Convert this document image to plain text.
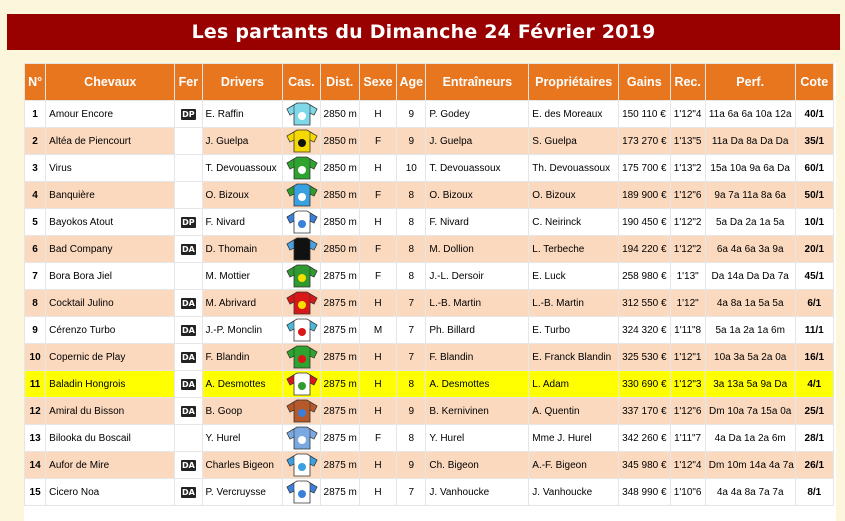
Les partants du Dimanche 24 Février 2019
N°	Chevaux	Fer	Drivers	Cas.	Dist.	Sexe	Age	Entraîneurs	Propriétaires	Gains	Rec.	Perf.	Cote
1	Amour Encore	DP	E. Raffin		2850 m	H	9	P. Godey	E. des Moreaux	150 110 €	1'12"4	11a 6a 6a 10a 12a	40/1
2	Altéa de Piencourt		J. Guelpa		2850 m	F	9	J. Guelpa	S. Guelpa	173 270 €	1'13"5	11a Da 8a Da Da	35/1
3	Virus		T. Devouassoux		2850 m	H	10	T. Devouassoux	Th. Devouassoux	175 700 €	1'13"2	15a 10a 9a 6a Da	60/1
4	Banquière		O. Bizoux		2850 m	F	8	O. Bizoux	O. Bizoux	189 900 €	1'12"6	9a 7a 11a 8a 6a	50/1
5	Bayokos Atout	DP	F. Nivard		2850 m	H	8	F. Nivard	C. Neirinck	190 450 €	1'12"2	5a Da 2a 1a 5a	10/1
6	Bad Company	DA	D. Thomain		2850 m	F	8	M. Dollion	L. Terbeche	194 220 €	1'12"2	6a 4a 6a 3a 9a	20/1
7	Bora Bora Jiel		M. Mottier		2875 m	F	8	J.-L. Dersoir	E. Luck	258 980 €	1'13"	Da 14a Da Da 7a	45/1
8	Cocktail Julino	DA	M. Abrivard		2875 m	H	7	L.-B. Martin	L.-B. Martin	312 550 €	1'12"	4a 8a 1a 5a 5a	6/1
9	Cérenzo Turbo	DA	J.-P. Monclin		2875 m	M	7	Ph. Billard	E. Turbo	324 320 €	1'11"8	5a 1a 2a 1a 6m	11/1
10	Copernic de Play	DA	F. Blandin		2875 m	H	7	F. Blandin	E. Franck Blandin	325 530 €	1'12"1	10a 3a 5a 2a 0a	16/1
11	Baladin Hongrois	DA	A. Desmottes		2875 m	H	8	A. Desmottes	L. Adam	330 690 €	1'12"3	3a 13a 5a 9a Da	4/1
12	Amiral du Bisson	DA	B. Goop		2875 m	H	9	B. Kernivinen	A. Quentin	337 170 €	1'12"6	Dm 10a 7a 15a 0a	25/1
13	Bilooka du Boscail		Y. Hurel		2875 m	F	8	Y. Hurel	Mme J. Hurel	342 260 €	1'11"7	4a Da 1a 2a 6m	28/1
14	Aufor de Mire	DA	Charles Bigeon		2875 m	H	9	Ch. Bigeon	A.-F. Bigeon	345 980 €	1'12"4	Dm 10m 14a 4a 7a	26/1
15	Cicero Noa	DA	P. Vercruysse		2875 m	H	7	J. Vanhoucke	J. Vanhoucke	348 990 €	1'10"6	4a 4a 8a 7a 7a	8/1
